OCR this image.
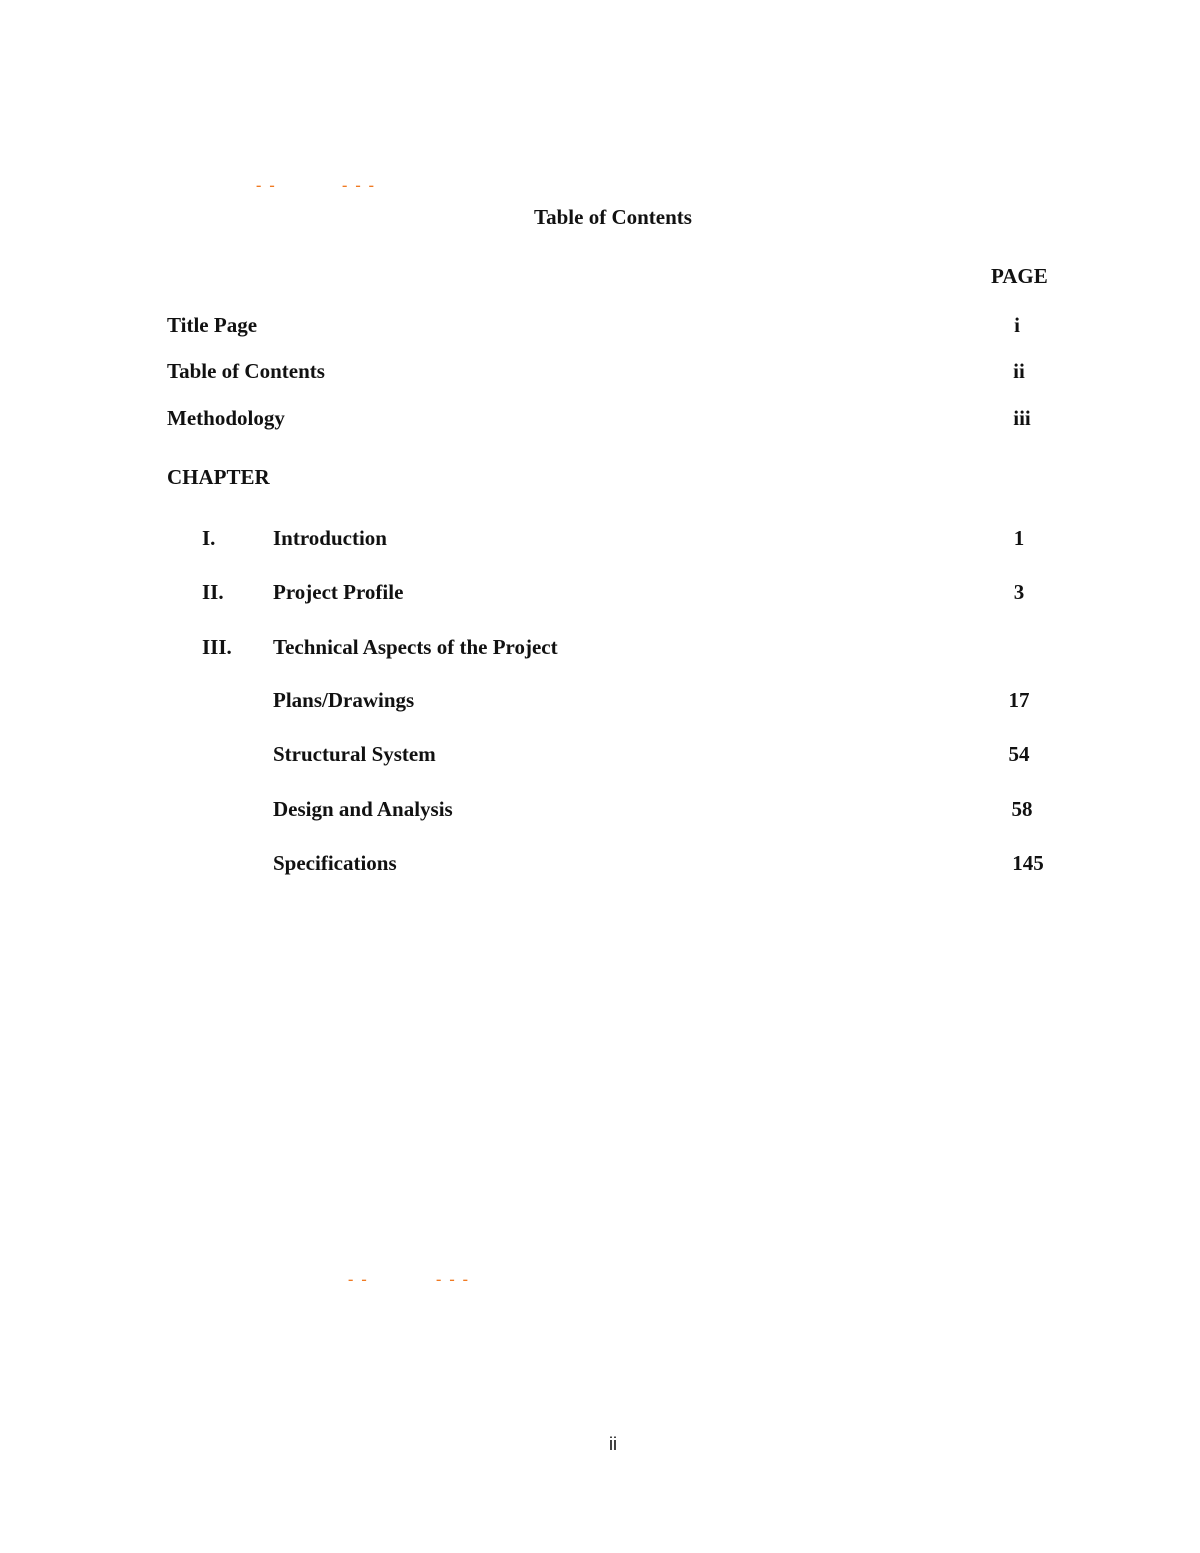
- -	- - -
Table of Contents
PAGE
Title Page	i
Table of Contents	ii
Methodology	iii
CHAPTER
I.	Introduction	1
II. Project Profile	3
III. Technical Aspects of the Project
Plans/Drawings	17
Structural System	54
Design and Analysis	58
Specifications	145
- -	- - -
ii
